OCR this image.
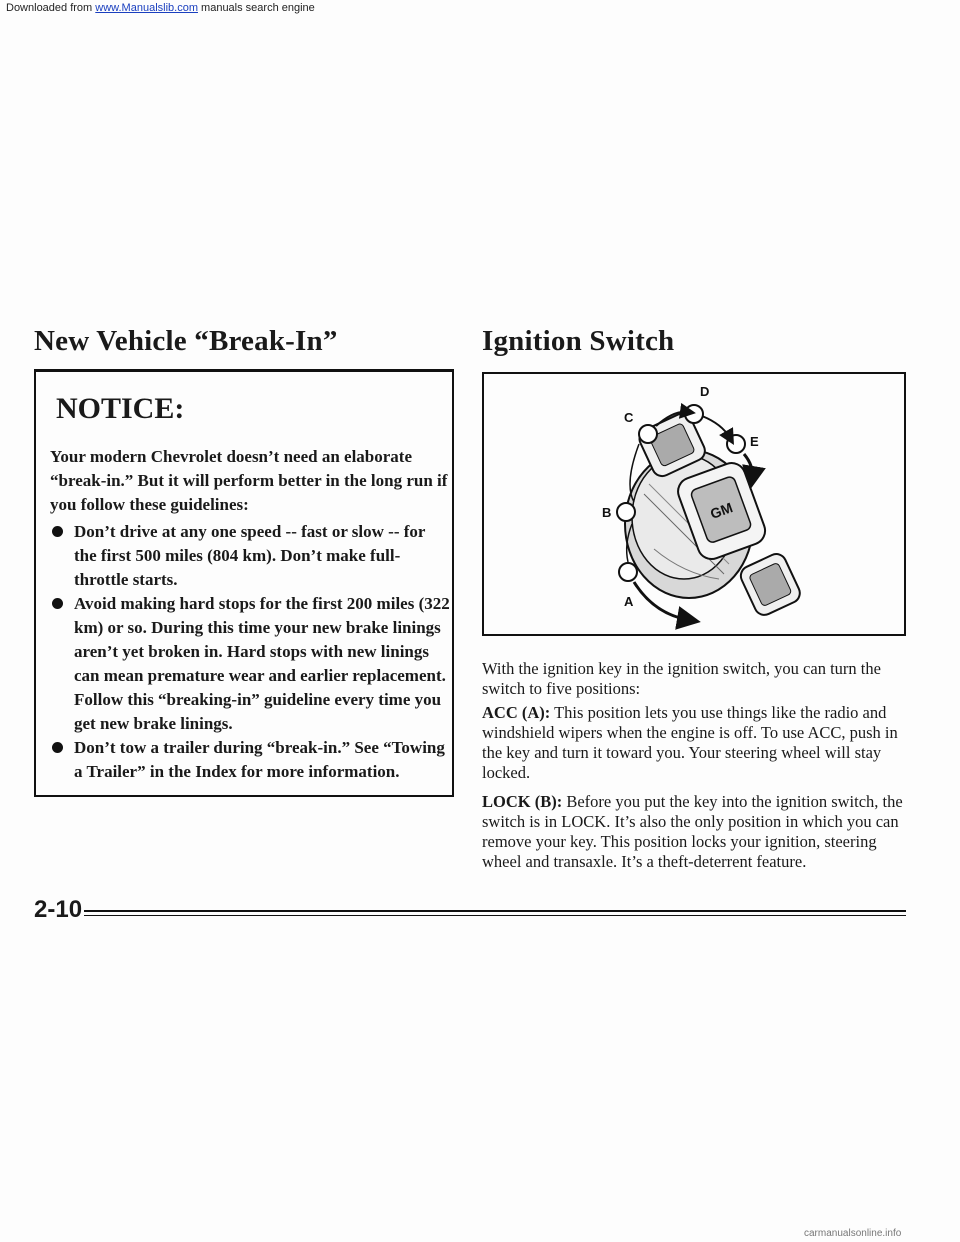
Downloaded from www.Manualslib.com manuals search engine
New Vehicle “Break-In”	Ignition Switch
NOTICE:
Your modern Chevrolet doesn’t need an elaborate “break-in.” But it will perform better in the long run if you follow these guidelines:
Don’t drive at any one speed -- fast or slow -- for the first 500 miles (804 km). Don’t make full-throttle starts.
Avoid making hard stops for the first 200 miles (322 km) or so. During this time your new brake linings aren’t yet broken in. Hard stops with new linings can mean premature wear and earlier replacement. Follow this “breaking-in” guideline every time you get new brake linings.
Don’t tow a trailer during “break-in.” See “Towing a Trailer” in the Index for more information.
GM
A
B
C
D
E
With the ignition key in the ignition switch, you can turn the switch to five positions:
ACC (A): This position lets you use things like the radio and windshield wipers when the engine is off. To use ACC, push in the key and turn it toward you. Your steering wheel will stay locked.
LOCK (B): Before you put the key into the ignition switch, the switch is in LOCK. It’s also the only position in which you can remove your key. This position locks your ignition, steering wheel and transaxle. It’s a theft-deterrent feature.
2-10
carmanualsonline.info
